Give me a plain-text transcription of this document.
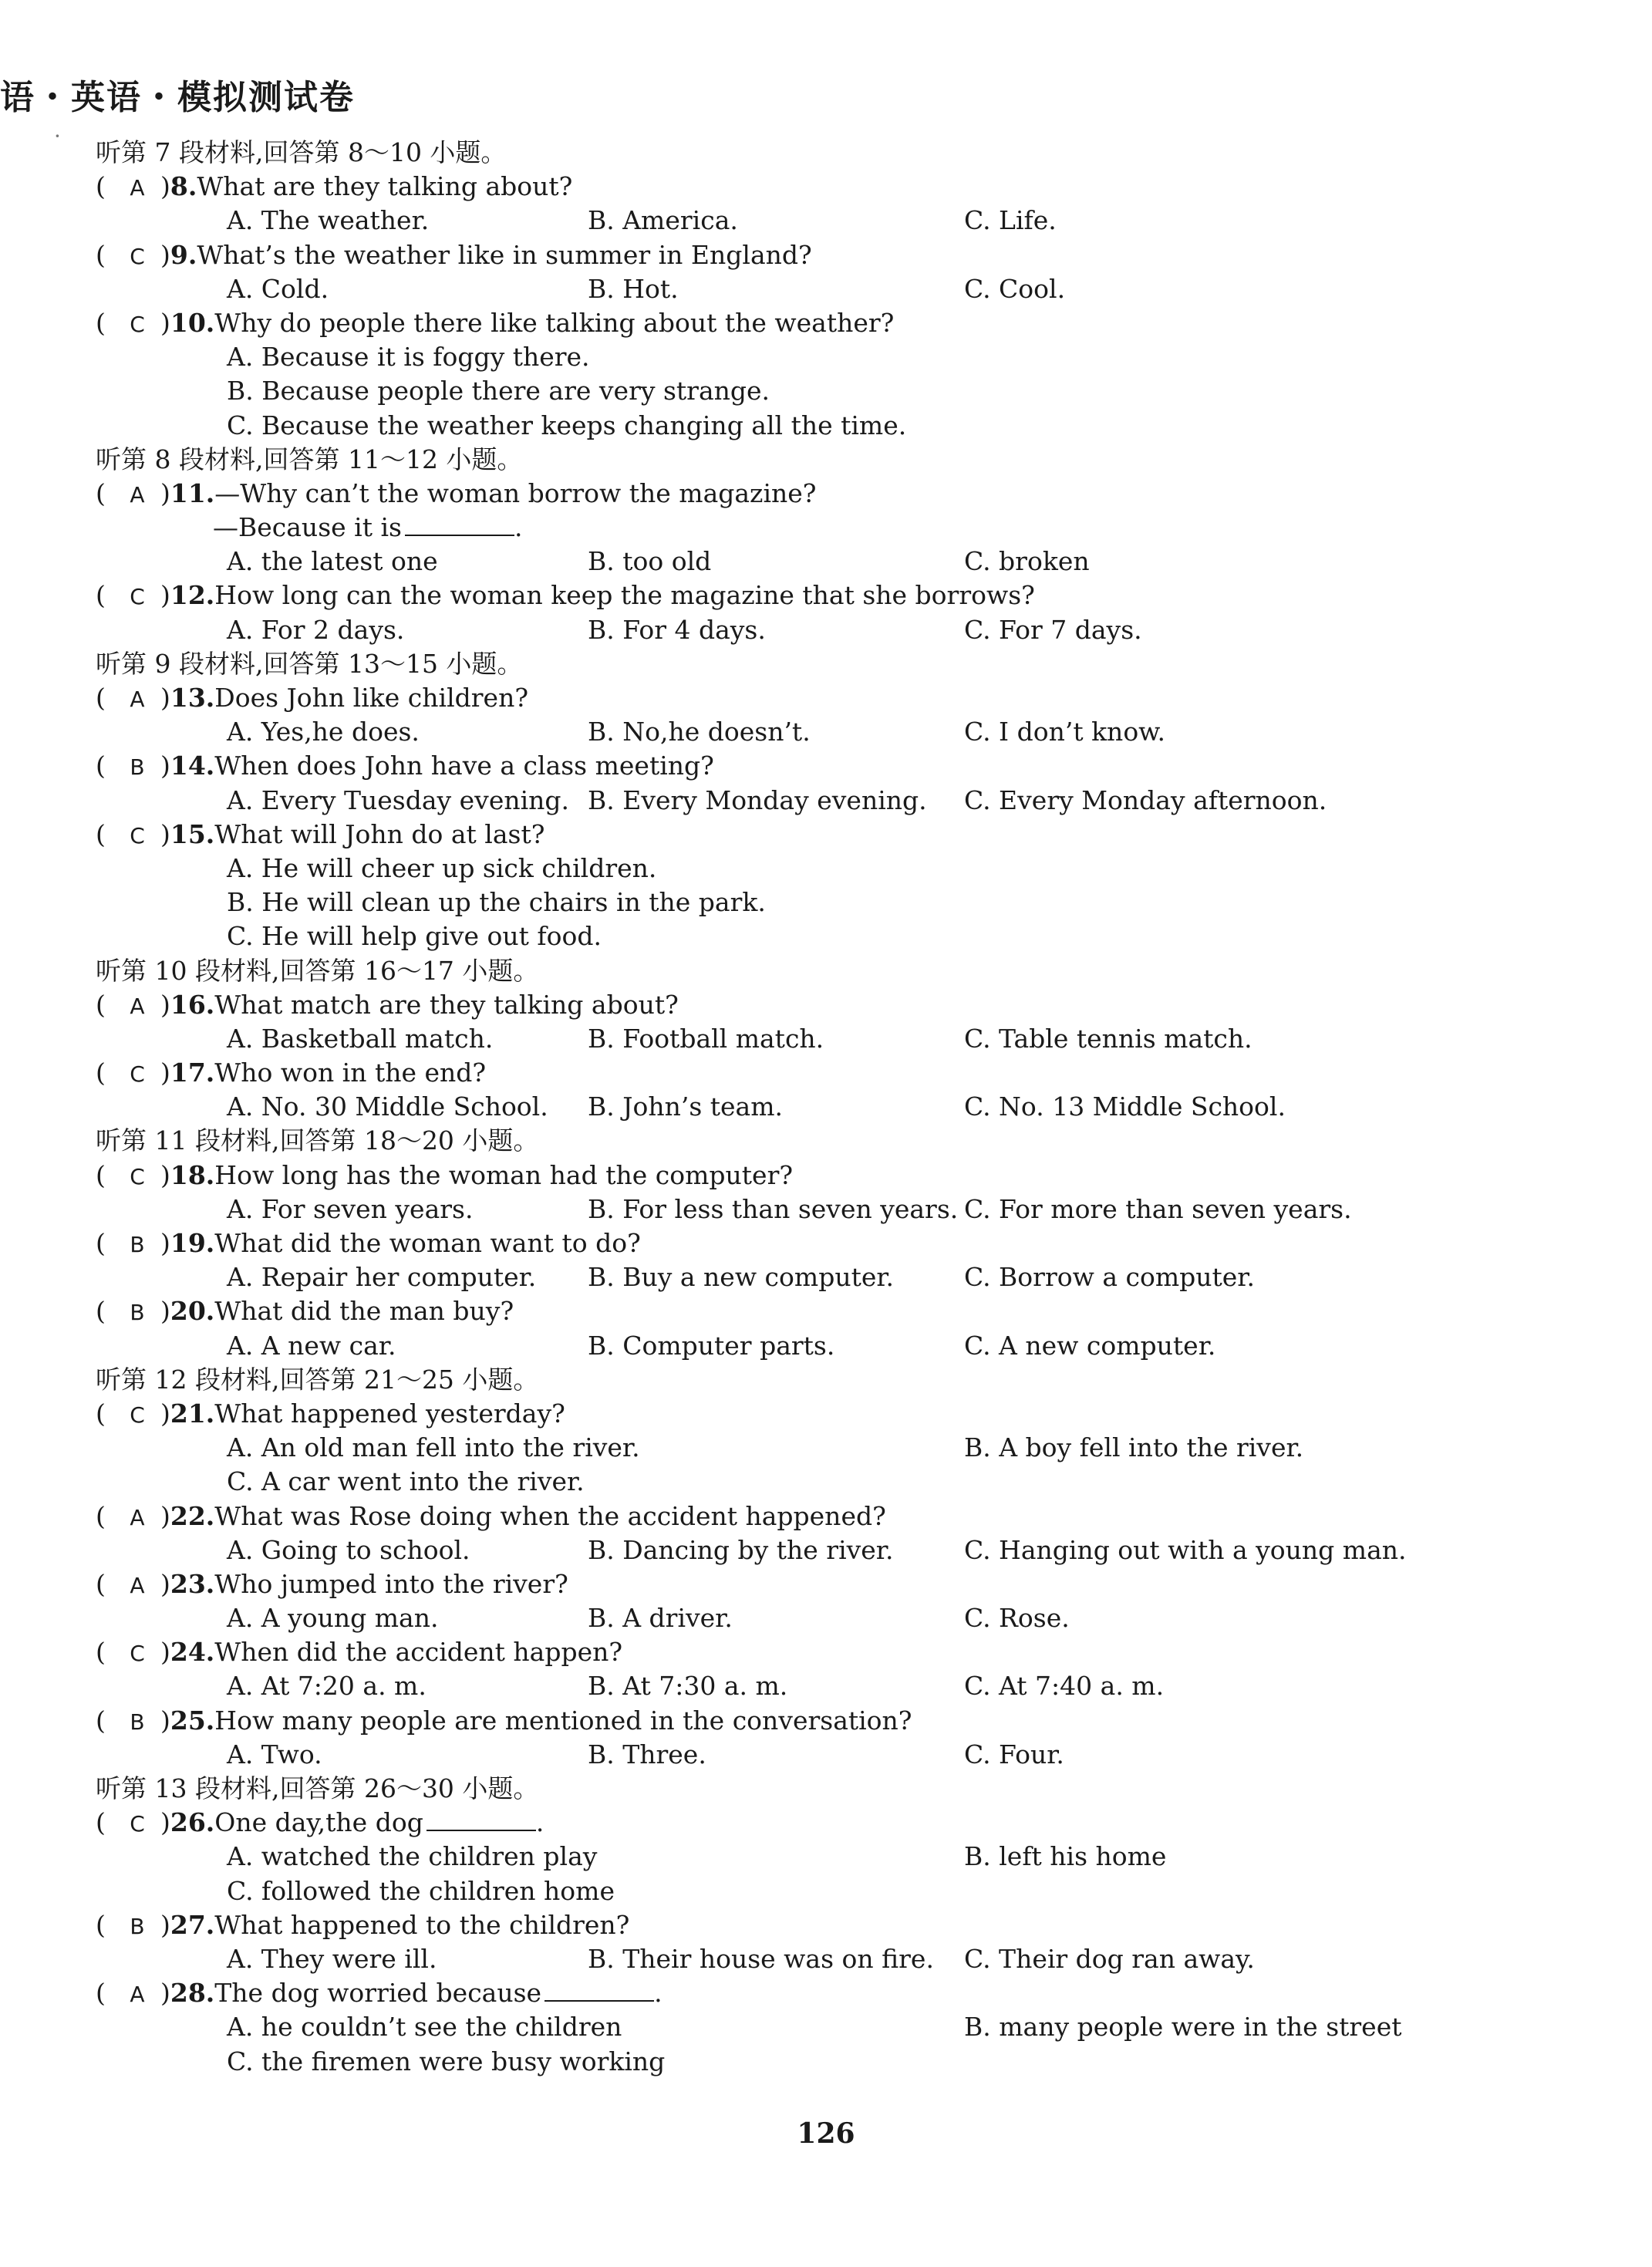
语・英语・模拟测试卷
·
听第 7 段材料,回答第 8～10 小题。
( A )8.What are they talking about?
A. The weather.	B. America.	C. Life.
( C )9.What’s the weather like in summer in England?
A. Cold.	B. Hot.	C. Cool.
( C )10.Why do people there like talking about the weather?
A. Because it is foggy there.
B. Because people there are very strange.
C. Because the weather keeps changing all the time.
听第 8 段材料,回答第 11～12 小题。
( A )11.—Why can’t the woman borrow the magazine?
—Because it is	.
A. the latest one	B. too old	C. broken
( C )12.How long can the woman keep the magazine that she borrows?
A. For 2 days.	B. For 4 days.	C. For 7 days.
听第 9 段材料,回答第 13～15 小题。
( A )13.Does John like children?
A. Yes,he does.	B. No,he doesn’t.	C. I don’t know.
( B )14.When does John have a class meeting?
A. Every Tuesday evening. B. Every Monday evening. C. Every Monday afternoon.
( C )15.What will John do at last?
A. He will cheer up sick children.
B. He will clean up the chairs in the park.
C. He will help give out food.
听第 10 段材料,回答第 16～17 小题。
( A )16.What match are they talking about?
A. Basketball match.	B. Football match.	C. Table tennis match.
( C )17.Who won in the end?
A. No. 30 Middle School. B. John’s team.	C. No. 13 Middle School.
听第 11 段材料,回答第 18～20 小题。
( C )18.How long has the woman had the computer?
A. For seven years.	B. For less than seven years. C. For more than seven years.
( B )19.What did the woman want to do?
A. Repair her computer. B. Buy a new computer.	C. Borrow a computer.
( B )20.What did the man buy?
A. A new car.	B. Computer parts.	C. A new computer.
听第 12 段材料,回答第 21～25 小题。
( C )21.What happened yesterday?
A. An old man fell into the river.	B. A boy fell into the river.
C. A car went into the river.
( A )22.What was Rose doing when the accident happened?
A. Going to school.	B. Dancing by the river.	C. Hanging out with a young man.
( A )23.Who jumped into the river?
A. A young man.	B. A driver.	C. Rose.
( C )24.When did the accident happen?
A. At 7:20 a. m.	B. At 7:30 a. m.	C. At 7:40 a. m.
( B )25.How many people are mentioned in the conversation?
A. Two.	B. Three.	C. Four.
听第 13 段材料,回答第 26～30 小题。
( C )26.One day,the dog	.
A. watched the children play	B. left his home
C. followed the children home
( B )27.What happened to the children?
A. They were ill.	B. Their house was on fire. C. Their dog ran away.
( A )28.The dog worried because	.
A. he couldn’t see the children	B. many people were in the street
C. the firemen were busy working
126
